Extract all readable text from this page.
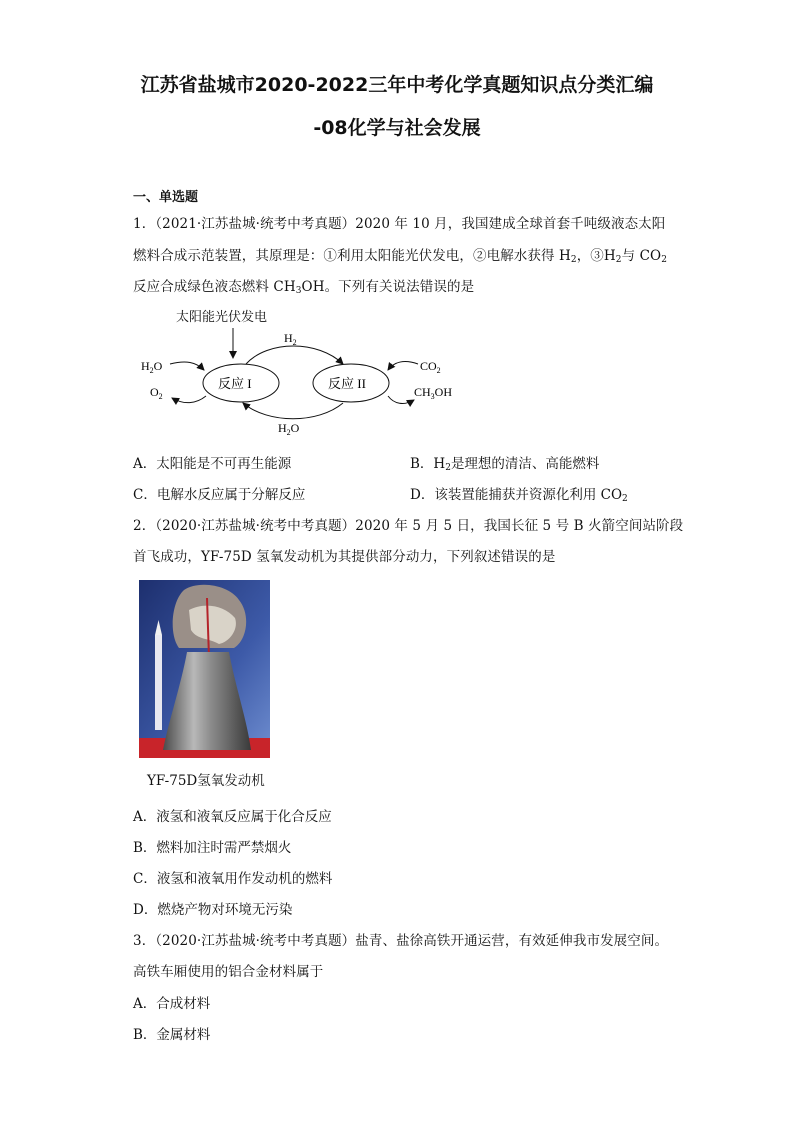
江苏省盐城市2020-2022三年中考化学真题知识点分类汇编
-08化学与社会发展
一、单选题
1．（2021·江苏盐城·统考中考真题）2020 年 10 月，我国建成全球首套千吨级液态太阳
燃料合成示范装置，其原理是：①利用太阳能光伏发电，②电解水获得 $H_2$，$③H_2$与 $CO_2$
反应合成绿色液态燃料 $CH_3OH$。下列有关说法错误的是
太阳能光伏发电
反应 I	反应 II
$H_2$
$H_2O$
$H_2O$
$O_2$
$CO_2$
$CH_3OH$
A．太阳能是不可再生能源	B．$H_2$是理想的清洁、高能燃料
C．电解水反应属于分解反应	D．该装置能捕获并资源化利用 $CO_2$
2．（2020·江苏盐城·统考中考真题）2020 年 5 月 5 日，我国长征 5 号 B 火箭空间站阶段
首飞成功，YF-75D 氢氧发动机为其提供部分动力，下列叙述错误的是
YF-75D氢氧发动机
A．液氢和液氧反应属于化合反应
B．燃料加注时需严禁烟火
C．液氢和液氧用作发动机的燃料
D．燃烧产物对环境无污染
3．（2020·江苏盐城·统考中考真题）盐青、盐徐高铁开通运营，有效延伸我市发展空间。
高铁车厢使用的铝合金材料属于
A．合成材料
B．金属材料
